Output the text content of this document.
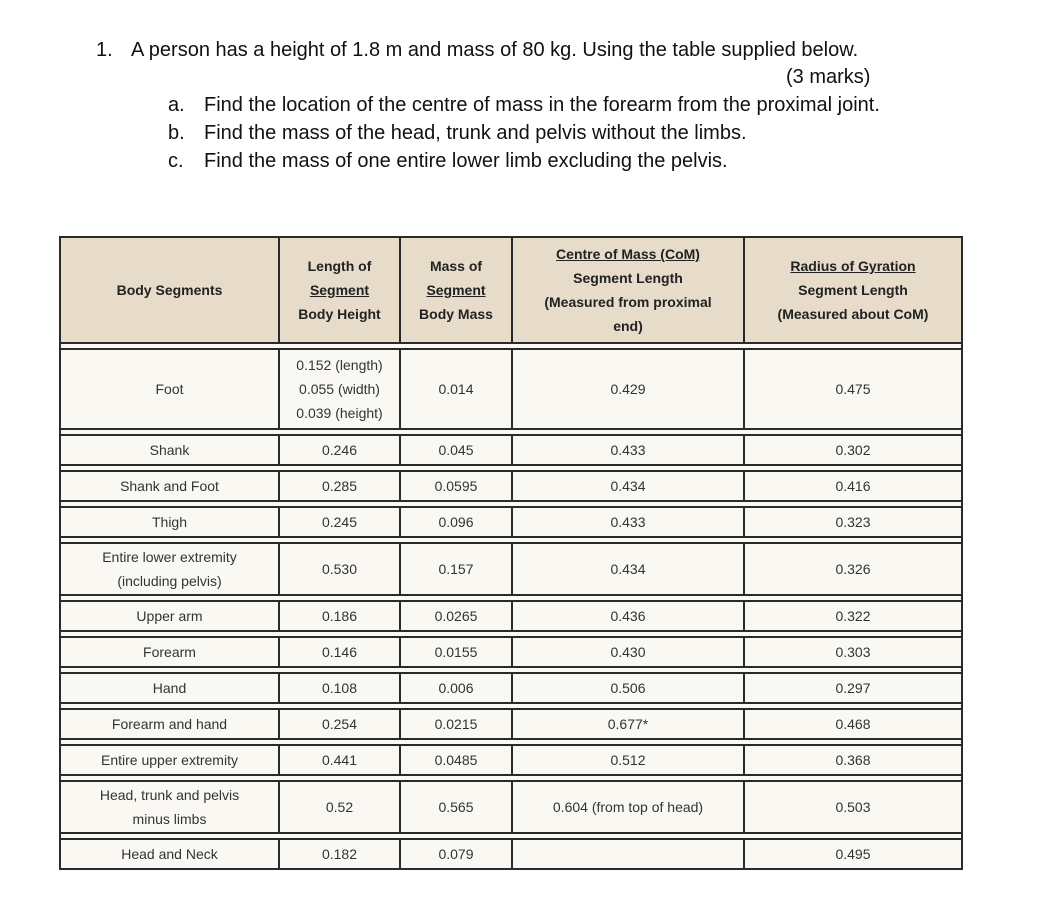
1. A person has a height of 1.8 m and mass of 80 kg. Using the table supplied below.
(3 marks)
a. Find the location of the centre of mass in the forearm from the proximal joint.
b. Find the mass of the head, trunk and pelvis without the limbs.
c. Find the mass of one entire lower limb excluding the pelvis.
Body Segments	Length of
Segment
Body Height	Mass of
Segment
Body Mass	Centre of Mass (CoM)
Segment Length
(Measured from proximal
end)	Radius of Gyration
Segment Length
(Measured about CoM)

Foot	0.152 (length)
0.055 (width)
0.039 (height)	0.014	0.429	0.475

Shank	0.246	0.045	0.433	0.302

Shank and Foot	0.285	0.0595	0.434	0.416

Thigh	0.245	0.096	0.433	0.323

Entire lower extremity
(including pelvis)	0.530	0.157	0.434	0.326

Upper arm	0.186	0.0265	0.436	0.322

Forearm	0.146	0.0155	0.430	0.303

Hand	0.108	0.006	0.506	0.297

Forearm and hand	0.254	0.0215	0.677*	0.468

Entire upper extremity	0.441	0.0485	0.512	0.368

Head, trunk and pelvis
minus limbs	0.52	0.565	0.604 (from top of head)	0.503

Head and Neck	0.182	0.079		0.495
